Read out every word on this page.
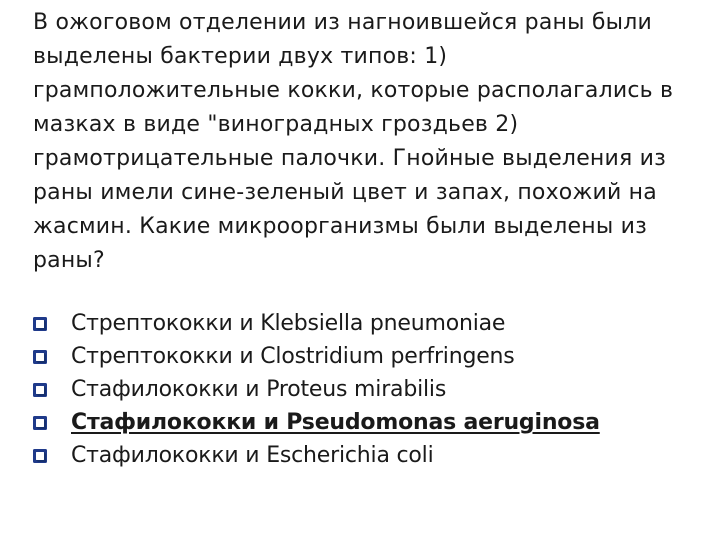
В ожоговом отделении из нагноившейся раны были
выделены бактерии двух типов: 1)
грамположительные кокки, которые располагались в
мазках в виде "виноградных гроздьев 2)
грамотрицательные палочки. Гнойные выделения из
раны имели сине-зеленый цвет и запах, похожий на
жасмин. Какие микроорганизмы были выделены из
раны?

Стрептококки и Klebsiella pneumoniae
Стрептококки и Clostridium perfringens
Стафилококки и Proteus mirabilis
Стафилококки и Pseudomonas aeruginosa
Стафилококки и Escherichia coli
